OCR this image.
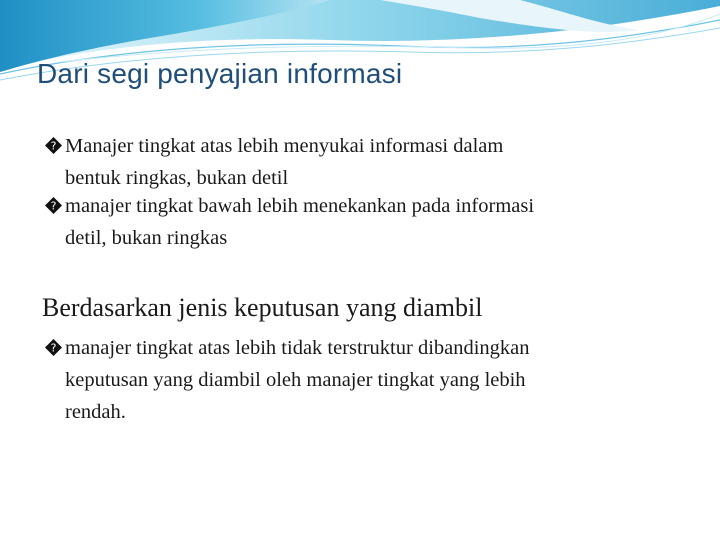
Dari segi penyajian informasi
? Manajer tingkat atas lebih menyukai informasi dalam
bentuk ringkas, bukan detil
? manajer tingkat bawah lebih menekankan pada informasi
detil, bukan ringkas
Berdasarkan jenis keputusan yang diambil
? manajer tingkat atas lebih tidak terstruktur dibandingkan
keputusan yang diambil oleh manajer tingkat yang lebih
rendah.
